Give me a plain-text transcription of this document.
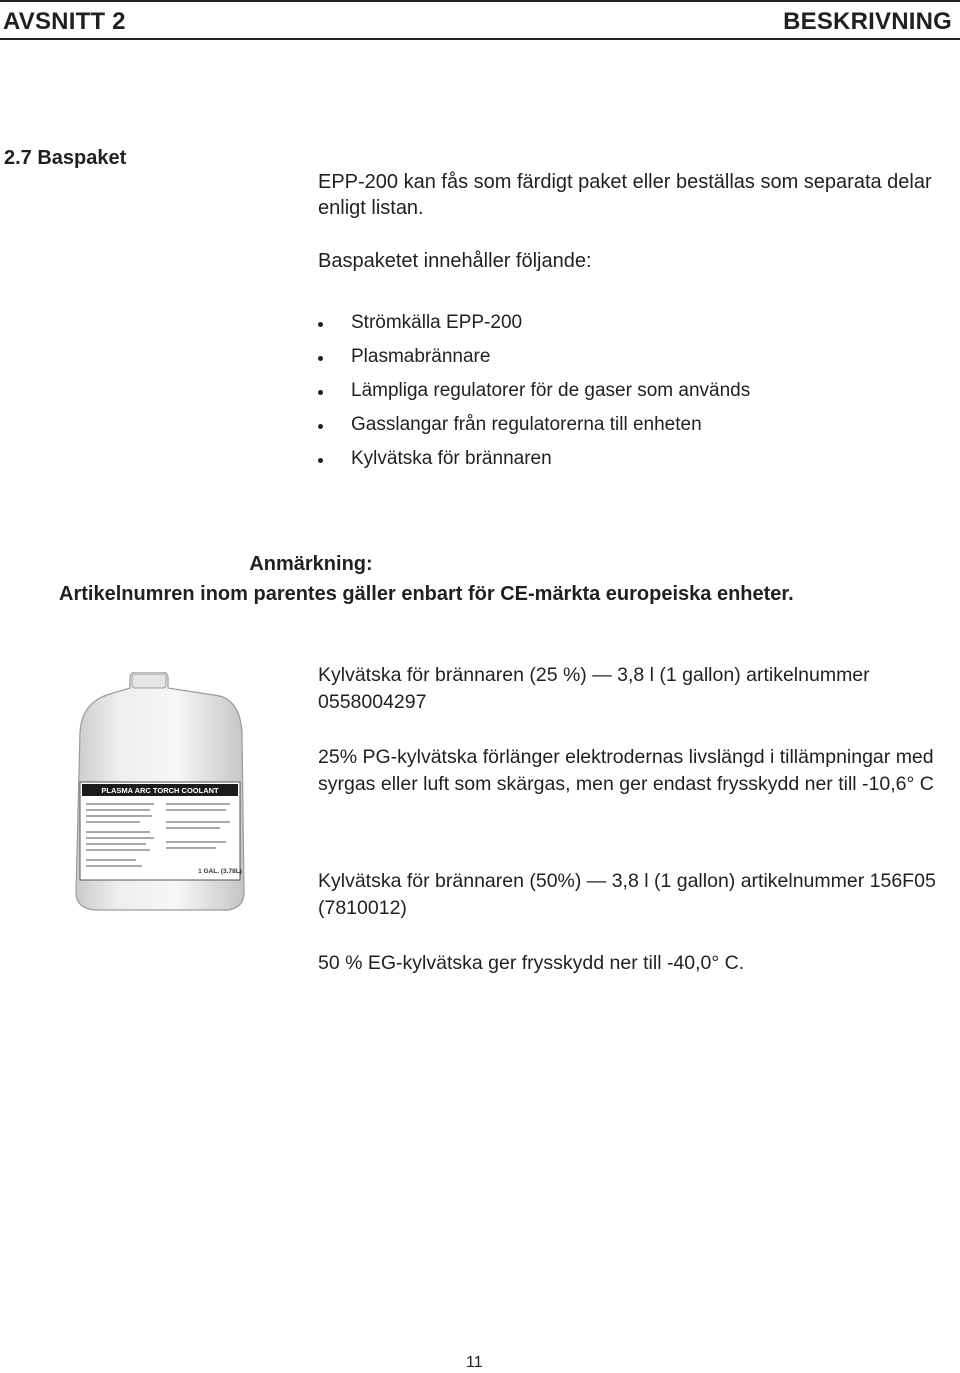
AVSNITT 2	BESKRIVNING
2.7 Baspaket
EPP-200 kan fås som färdigt paket eller beställas som separata delar enligt listan.
Baspaketet innehåller följande:
Strömkälla EPP-200
Plasmabrännare
Lämpliga regulatorer för de gaser som används
Gasslangar från regulatorerna till enheten
Kylvätska för brännaren
Anmärkning:
Artikelnumren inom parentes gäller enbart för CE-märkta europeiska enheter.
PLASMA ARC TORCH COOLANT
1 GAL. (3.78L)

Kylvätska för brännaren (25 %) — 3,8 l (1 gallon) artikelnummer 0558004297

25% PG-kylvätska förlänger elektrodernas livslängd i tillämpningar med syrgas eller luft som skärgas, men ger endast frysskydd ner till -10,6° C

Kylvätska för brännaren (50%) — 3,8 l (1 gallon) artikelnummer 156F05 (7810012)

50 % EG-kylvätska ger frysskydd ner till -40,0° C.

11
